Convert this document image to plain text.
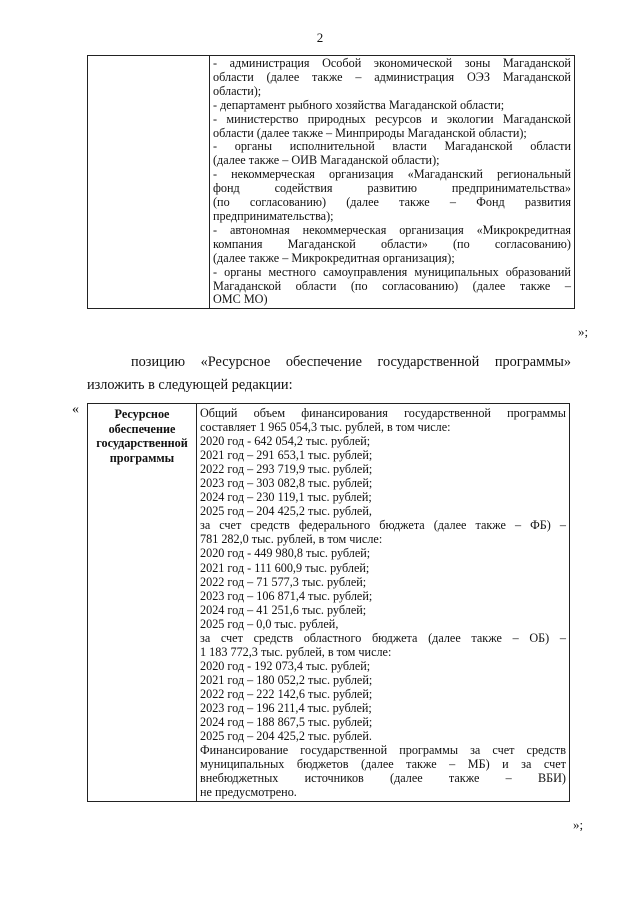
2

- администрация Особой экономической зоны Магаданской
области (далее также – администрация ОЭЗ Магаданской
области);
- департамент рыбного хозяйства Магаданской области;
- министерство природных ресурсов и экологии Магаданской
области (далее также – Минприроды Магаданской области);
- органы исполнительной власти Магаданской области
(далее также – ОИВ Магаданской области);
- некоммерческая организация «Магаданский региональный
фонд	содействия	развитию	предпринимательства»
(по согласованию) (далее также – Фонд развития
предпринимательства);
- автономная некоммерческая организация «Микрокредитная
компания Магаданской области» (по согласованию)
(далее также – Микрокредитная организация);
- органы местного самоуправления муниципальных образований
Магаданской области (по согласованию) (далее также –
ОМС МО)
»;
позицию «Ресурсное обеспечение государственной программы»
изложить в следующей редакции:
«	Ресурсное
обеспечение
государственной
программы

Общий объем финансирования государственной программы
составляет 1 965 054,3 тыс. рублей, в том числе:
2020 год - 642 054,2 тыс. рублей;
2021 год – 291 653,1 тыс. рублей;
2022 год – 293 719,9 тыс. рублей;
2023 год – 303 082,8 тыс. рублей;
2024 год – 230 119,1 тыс. рублей;
2025 год – 204 425,2 тыс. рублей,
за счет средств федерального бюджета (далее также – ФБ) –
781 282,0 тыс. рублей, в том числе:
2020 год - 449 980,8 тыс. рублей;
2021 год - 111 600,9 тыс. рублей;
2022 год – 71 577,3 тыс. рублей;
2023 год – 106 871,4 тыс. рублей;
2024 год – 41 251,6 тыс. рублей;
2025 год – 0,0 тыс. рублей,
за счет средств областного бюджета (далее также – ОБ) –
1 183 772,3 тыс. рублей, в том числе:
2020 год - 192 073,4 тыс. рублей;
2021 год – 180 052,2 тыс. рублей;
2022 год – 222 142,6 тыс. рублей;
2023 год – 196 211,4 тыс. рублей;
2024 год – 188 867,5 тыс. рублей;
2025 год – 204 425,2 тыс. рублей.
Финансирование государственной программы за счет средств
муниципальных бюджетов (далее также – МБ) и за счет
внебюджетных источников (далее также – ВБИ)
не предусмотрено.
»;
